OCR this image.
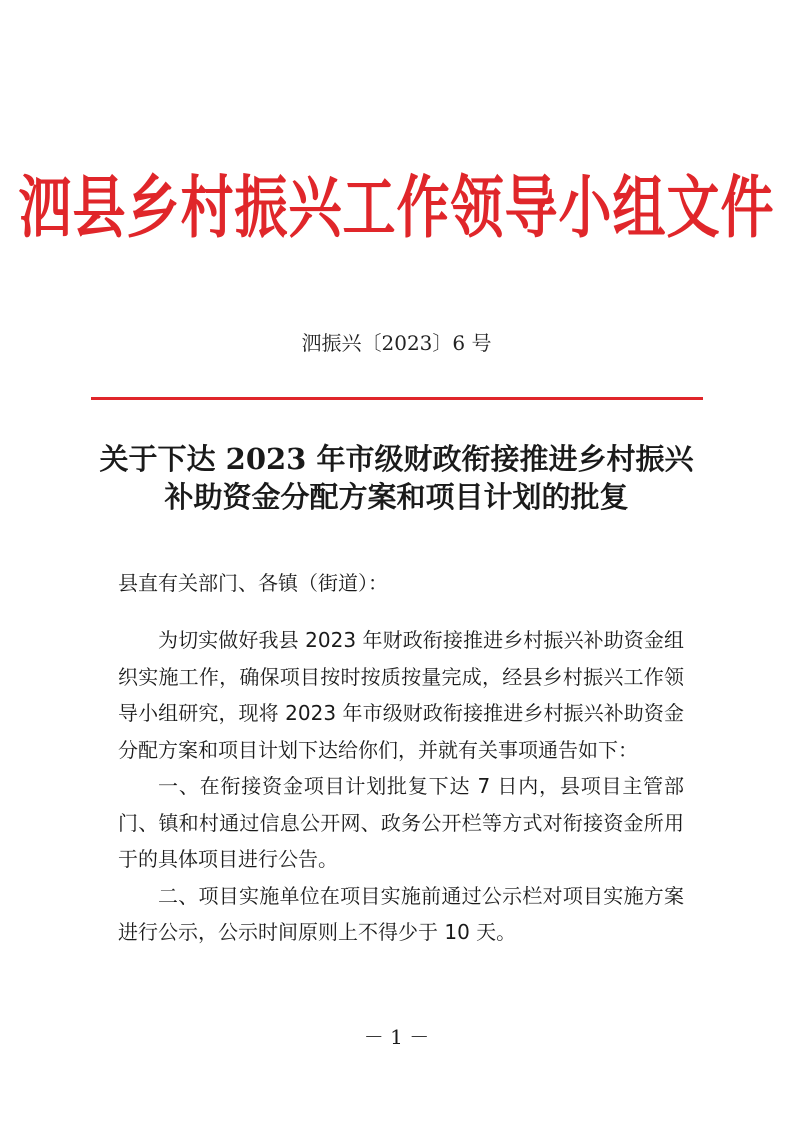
泗县乡村振兴工作领导小组文件
泗振兴〔2023〕6 号
关于下达 2023 年市级财政衔接推进乡村振兴
补助资金分配方案和项目计划的批复

县直有关部门、各镇（街道）：

为切实做好我县 2023 年财政衔接推进乡村振兴补助资金组织实施工作，确保项目按时按质按量完成，经县乡村振兴工作领导小组研究，现将 2023 年市级财政衔接推进乡村振兴补助资金分配方案和项目计划下达给你们，并就有关事项通告如下：

一、在衔接资金项目计划批复下达 7 日内，县项目主管部门、镇和村通过信息公开网、政务公开栏等方式对衔接资金所用于的具体项目进行公告。

二、项目实施单位在项目实施前通过公示栏对项目实施方案进行公示，公示时间原则上不得少于 10 天。

－ 1 －
